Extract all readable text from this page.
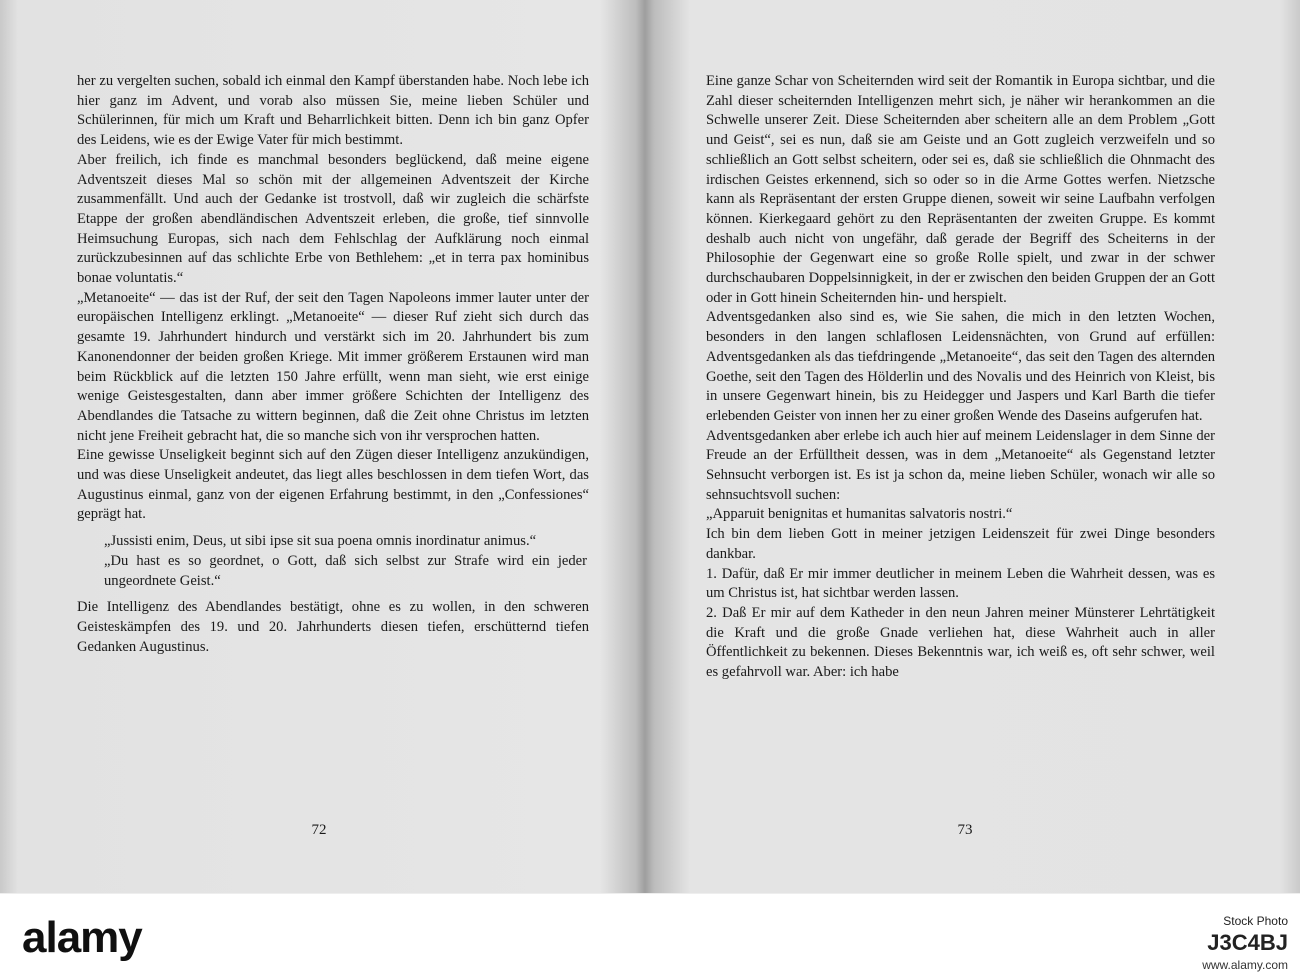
her zu vergelten suchen, sobald ich einmal den Kampf überstanden habe. Noch lebe ich hier ganz im Advent, und vorab also müssen Sie, meine lieben Schüler und Schülerinnen, für mich um Kraft und Beharrlichkeit bitten. Denn ich bin ganz Opfer des Leidens, wie es der Ewige Vater für mich bestimmt.

Aber freilich, ich finde es manchmal besonders beglückend, daß meine eigene Adventszeit dieses Mal so schön mit der allgemeinen Adventszeit der Kirche zusammenfällt. Und auch der Gedanke ist trostvoll, daß wir zugleich die schärfste Etappe der großen abendländischen Adventszeit erleben, die große, tief sinnvolle Heimsuchung Europas, sich nach dem Fehlschlag der Aufklärung noch einmal zurückzubesinnen auf das schlichte Erbe von Bethlehem: „et in terra pax hominibus bonae voluntatis.“

„Metanoeite“ — das ist der Ruf, der seit den Tagen Napoleons immer lauter unter der europäischen Intelligenz erklingt. „Metanoeite“ — dieser Ruf zieht sich durch das gesamte 19. Jahrhundert hindurch und verstärkt sich im 20. Jahrhundert bis zum Kanonendonner der beiden großen Kriege. Mit immer größerem Erstaunen wird man beim Rückblick auf die letzten 150 Jahre erfüllt, wenn man sieht, wie erst einige wenige Geistesgestalten, dann aber immer größere Schichten der Intelligenz des Abendlandes die Tatsache zu wittern beginnen, daß die Zeit ohne Christus im letzten nicht jene Freiheit gebracht hat, die so manche sich von ihr versprochen hatten.

Eine gewisse Unseligkeit beginnt sich auf den Zügen dieser Intelligenz anzukündigen, und was diese Unseligkeit andeutet, das liegt alles beschlossen in dem tiefen Wort, das Augustinus einmal, ganz von der eigenen Erfahrung bestimmt, in den „Confessiones“ geprägt hat.

„Jussisti enim, Deus, ut sibi ipse sit sua poena omnis inordinatur animus.“

„Du hast es so geordnet, o Gott, daß sich selbst zur Strafe wird ein jeder ungeordnete Geist.“

Die Intelligenz des Abendlandes bestätigt, ohne es zu wollen, in den schweren Geisteskämpfen des 19. und 20. Jahrhunderts diesen tiefen, erschütternd tiefen Gedanken Augustinus.

Eine ganze Schar von Scheiternden wird seit der Romantik in Europa sichtbar, und die Zahl dieser scheiternden Intelligenzen mehrt sich, je näher wir herankommen an die Schwelle unserer Zeit. Diese Scheiternden aber scheitern alle an dem Problem „Gott und Geist“, sei es nun, daß sie am Geiste und an Gott zugleich verzweifeln und so schließlich an Gott selbst scheitern, oder sei es, daß sie schließlich die Ohnmacht des irdischen Geistes erkennend, sich so oder so in die Arme Gottes werfen. Nietzsche kann als Repräsentant der ersten Gruppe dienen, soweit wir seine Laufbahn verfolgen können. Kierkegaard gehört zu den Repräsentanten der zweiten Gruppe. Es kommt deshalb auch nicht von ungefähr, daß gerade der Begriff des Scheiterns in der Philosophie der Gegenwart eine so große Rolle spielt, und zwar in der schwer durchschaubaren Doppelsinnigkeit, in der er zwischen den beiden Gruppen der an Gott oder in Gott hinein Scheiternden hin- und herspielt.

Adventsgedanken also sind es, wie Sie sahen, die mich in den letzten Wochen, besonders in den langen schlaflosen Leidensnächten, von Grund auf erfüllen: Adventsgedanken als das tiefdringende „Metanoeite“, das seit den Tagen des alternden Goethe, seit den Tagen des Hölderlin und des Novalis und des Heinrich von Kleist, bis in unsere Gegenwart hinein, bis zu Heidegger und Jaspers und Karl Barth die tiefer erlebenden Geister von innen her zu einer großen Wende des Daseins aufgerufen hat.

Adventsgedanken aber erlebe ich auch hier auf meinem Leidenslager in dem Sinne der Freude an der Erfülltheit dessen, was in dem „Metanoeite“ als Gegenstand letzter Sehnsucht verborgen ist. Es ist ja schon da, meine lieben Schüler, wonach wir alle so sehnsuchtsvoll suchen:

„Apparuit benignitas et humanitas salvatoris nostri.“

Ich bin dem lieben Gott in meiner jetzigen Leidenszeit für zwei Dinge besonders dankbar.

1. Dafür, daß Er mir immer deutlicher in meinem Leben die Wahrheit dessen, was es um Christus ist, hat sichtbar werden lassen.

2. Daß Er mir auf dem Katheder in den neun Jahren meiner Münsterer Lehrtätigkeit die Kraft und die große Gnade verliehen hat, diese Wahrheit auch in aller Öffentlichkeit zu bekennen. Dieses Bekenntnis war, ich weiß es, oft sehr schwer, weil es gefahrvoll war. Aber: ich habe

72	73
alamy	Stock Photo
J3C4BJ
www.alamy.com
